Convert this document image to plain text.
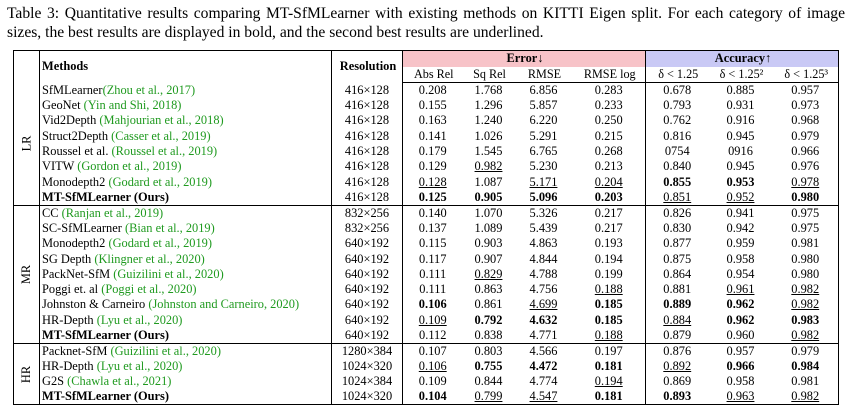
Table 3: Quantitative results comparing MT-SfMLearner with existing methods on KITTI Eigen split. For each category of image sizes, the best results are displayed in bold, and the second best results are underlined.
	Methods	Resolution	Error↓				Accuracy↑		
			Abs Rel	Sq Rel	RMSE	RMSE log	δ < 1.25	δ < 1.25²	δ < 1.25³
LR	SfMLearner(Zhou et al., 2017)	416×128	0.208	1.768	6.856	0.283	0.678	0.885	0.957
	GeoNet (Yin and Shi, 2018)	416×128	0.155	1.296	5.857	0.233	0.793	0.931	0.973
	Vid2Depth (Mahjourian et al., 2018)	416×128	0.163	1.240	6.220	0.250	0.762	0.916	0.968
	Struct2Depth (Casser et al., 2019)	416×128	0.141	1.026	5.291	0.215	0.816	0.945	0.979
	Roussel et al. (Roussel et al., 2019)	416×128	0.179	1.545	6.765	0.268	0754	0916	0.966
	VITW (Gordon et al., 2019)	416×128	0.129	0.982	5.230	0.213	0.840	0.945	0.976
	Monodepth2 (Godard et al., 2019)	416×128	0.128	1.087	5.171	0.204	0.855	0.953	0.978
	MT-SfMLearner (Ours)	416×128	0.125	0.905	5.096	0.203	0.851	0.952	0.980
MR	CC (Ranjan et al., 2019)	832×256	0.140	1.070	5.326	0.217	0.826	0.941	0.975
	SC-SfMLearner (Bian et al., 2019)	832×256	0.137	1.089	5.439	0.217	0.830	0.942	0.975
	Monodepth2 (Godard et al., 2019)	640×192	0.115	0.903	4.863	0.193	0.877	0.959	0.981
	SG Depth (Klingner et al., 2020)	640×192	0.117	0.907	4.844	0.194	0.875	0.958	0.980
	PackNet-SfM (Guizilini et al., 2020)	640×192	0.111	0.829	4.788	0.199	0.864	0.954	0.980
	Poggi et. al (Poggi et al., 2020)	640×192	0.111	0.863	4.756	0.188	0.881	0.961	0.982
	Johnston & Carneiro (Johnston and Carneiro, 2020)	640×192	0.106	0.861	4.699	0.185	0.889	0.962	0.982
	HR-Depth (Lyu et al., 2020)	640×192	0.109	0.792	4.632	0.185	0.884	0.962	0.983
	MT-SfMLearner (Ours)	640×192	0.112	0.838	4.771	0.188	0.879	0.960	0.982
HR	Packnet-SfM (Guizilini et al., 2020)	1280×384	0.107	0.803	4.566	0.197	0.876	0.957	0.979
	HR-Depth (Lyu et al., 2020)	1024×320	0.106	0.755	4.472	0.181	0.892	0.966	0.984
	G2S (Chawla et al., 2021)	1024×384	0.109	0.844	4.774	0.194	0.869	0.958	0.981
	MT-SfMLearner (Ours)	1024×320	0.104	0.799	4.547	0.181	0.893	0.963	0.982
